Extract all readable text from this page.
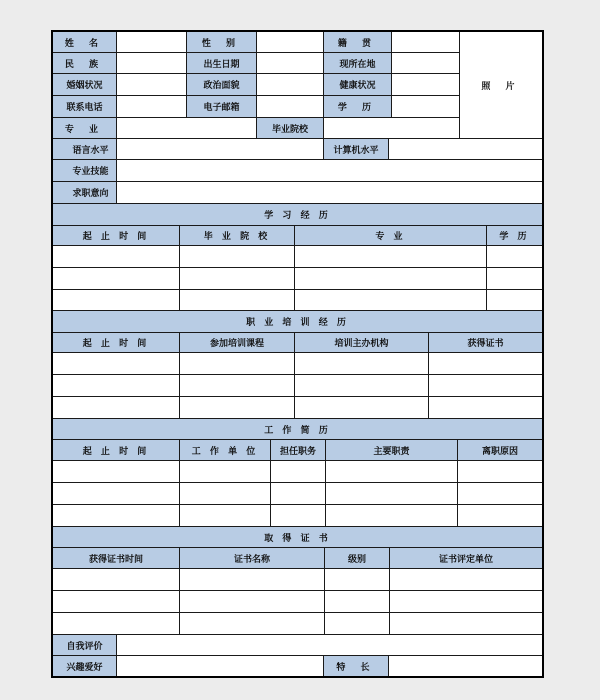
姓 名	性 别	籍 贯
照 片
民 族	出生日期	现所在地
婚姻状况	政治面貌	健康状况
联系电话	电子邮箱	学 历
专 业	毕业院校
语言水平	计算机水平
专业技能
求职意向
学 习 经 历
起 止 时 间	毕 业 院 校	专 业	学 历
职 业 培 训 经 历
起 止 时 间	参加培训课程	培训主办机构	获得证书
工 作 简 历
起 止 时 间	工 作 单 位	担任职务	主要职责	离职原因
取 得 证 书
获得证书时间	证书名称	级别	证书评定单位
自我评价
兴趣爱好	特 长
